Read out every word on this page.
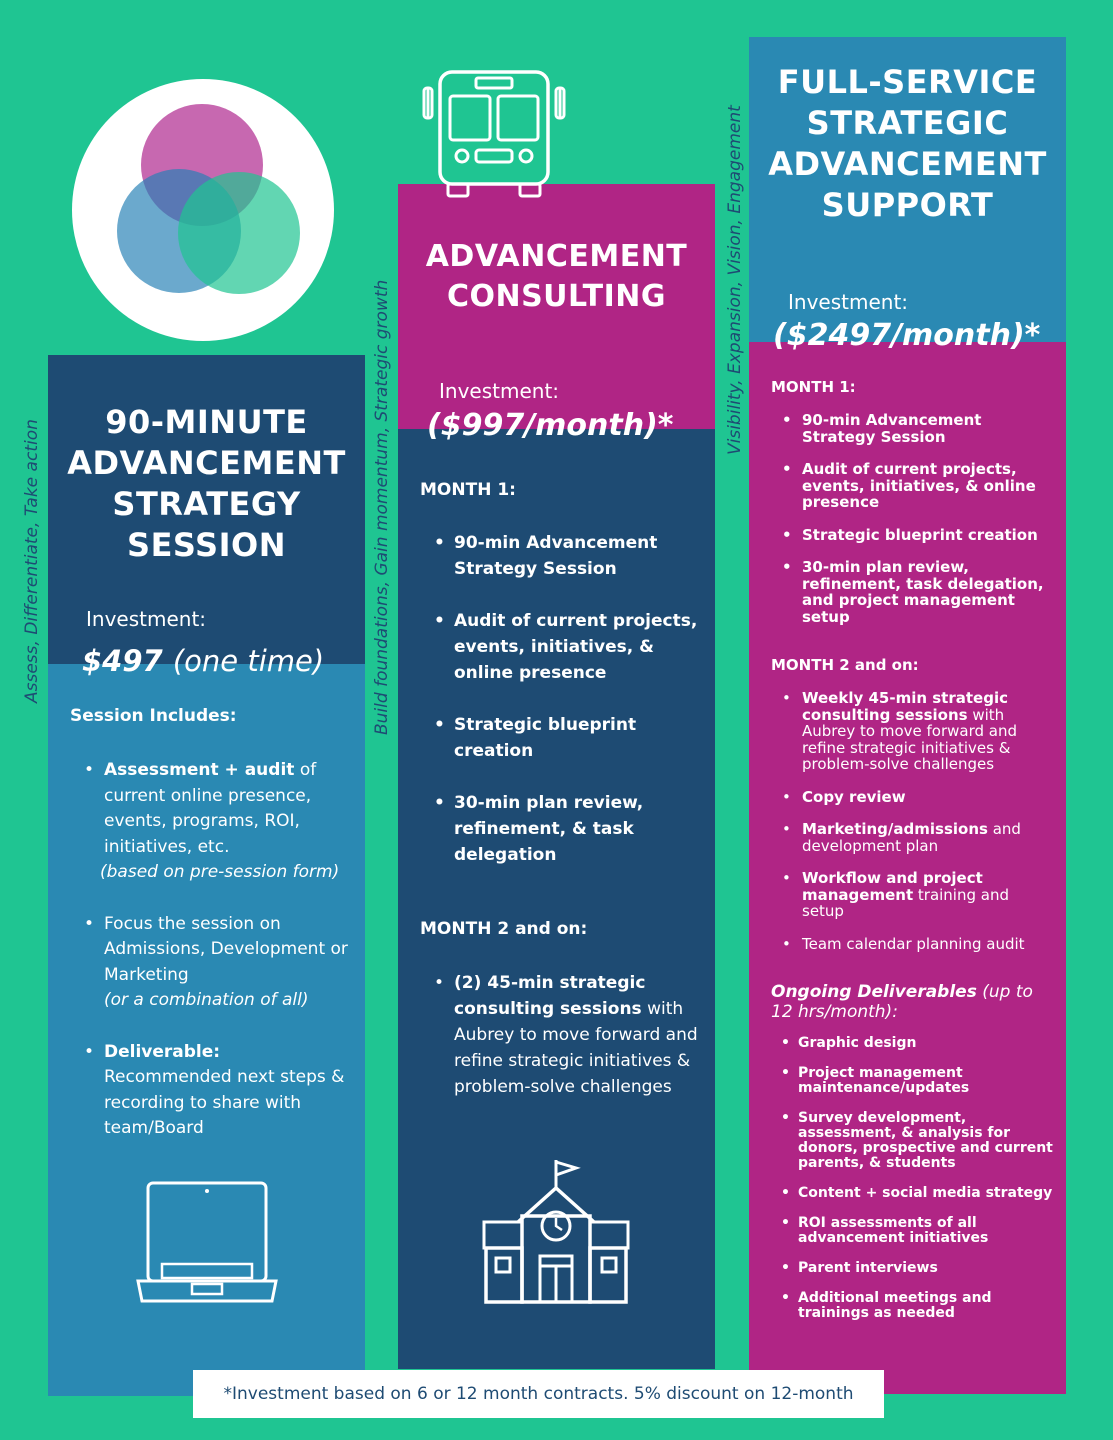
Assess, Differentiate, Take action	Build foundations, Gain momentum, Strategic growth	Visibility, Expansion, Vision, Engagement
90-MINUTE
ADVANCEMENT
STRATEGY
SESSION
Investment:
$497 (one time)
Session Includes:
• Assessment + audit of current online presence, events, programs, ROI, initiatives, etc.
(based on pre-session form)
• Focus the session on Admissions, Development or Marketing
(or a combination of all)
• Deliverable:
Recommended next steps & recording to share with team/Board
ADVANCEMENT
CONSULTING
Investment:
($997/month)*
MONTH 1:
• 90-min Advancement Strategy Session
• Audit of current projects, events, initiatives, & online presence
• Strategic blueprint creation
• 30-min plan review, refinement, & task delegation
MONTH 2 and on:
• (2) 45-min strategic consulting sessions with Aubrey to move forward and refine strategic initiatives & problem-solve challenges
FULL-SERVICE
STRATEGIC
ADVANCEMENT
SUPPORT
Investment:
($2497/month)*
MONTH 1:
• 90-min Advancement Strategy Session
• Audit of current projects, events, initiatives, & online presence
• Strategic blueprint creation
• 30-min plan review, refinement, task delegation, and project management setup
MONTH 2 and on:
• Weekly 45-min strategic consulting sessions with Aubrey to move forward and refine strategic initiatives & problem-solve challenges
• Copy review
• Marketing/admissions and development plan
• Workflow and project management training and setup
• Team calendar planning audit
Ongoing Deliverables (up to 12 hrs/month):
• Graphic design
• Project management maintenance/updates
• Survey development, assessment, & analysis for donors, prospective and current parents, & students
• Content + social media strategy
• ROI assessments of all advancement initiatives
• Parent interviews
• Additional meetings and trainings as needed
*Investment based on 6 or 12 month contracts. 5% discount on 12-month
